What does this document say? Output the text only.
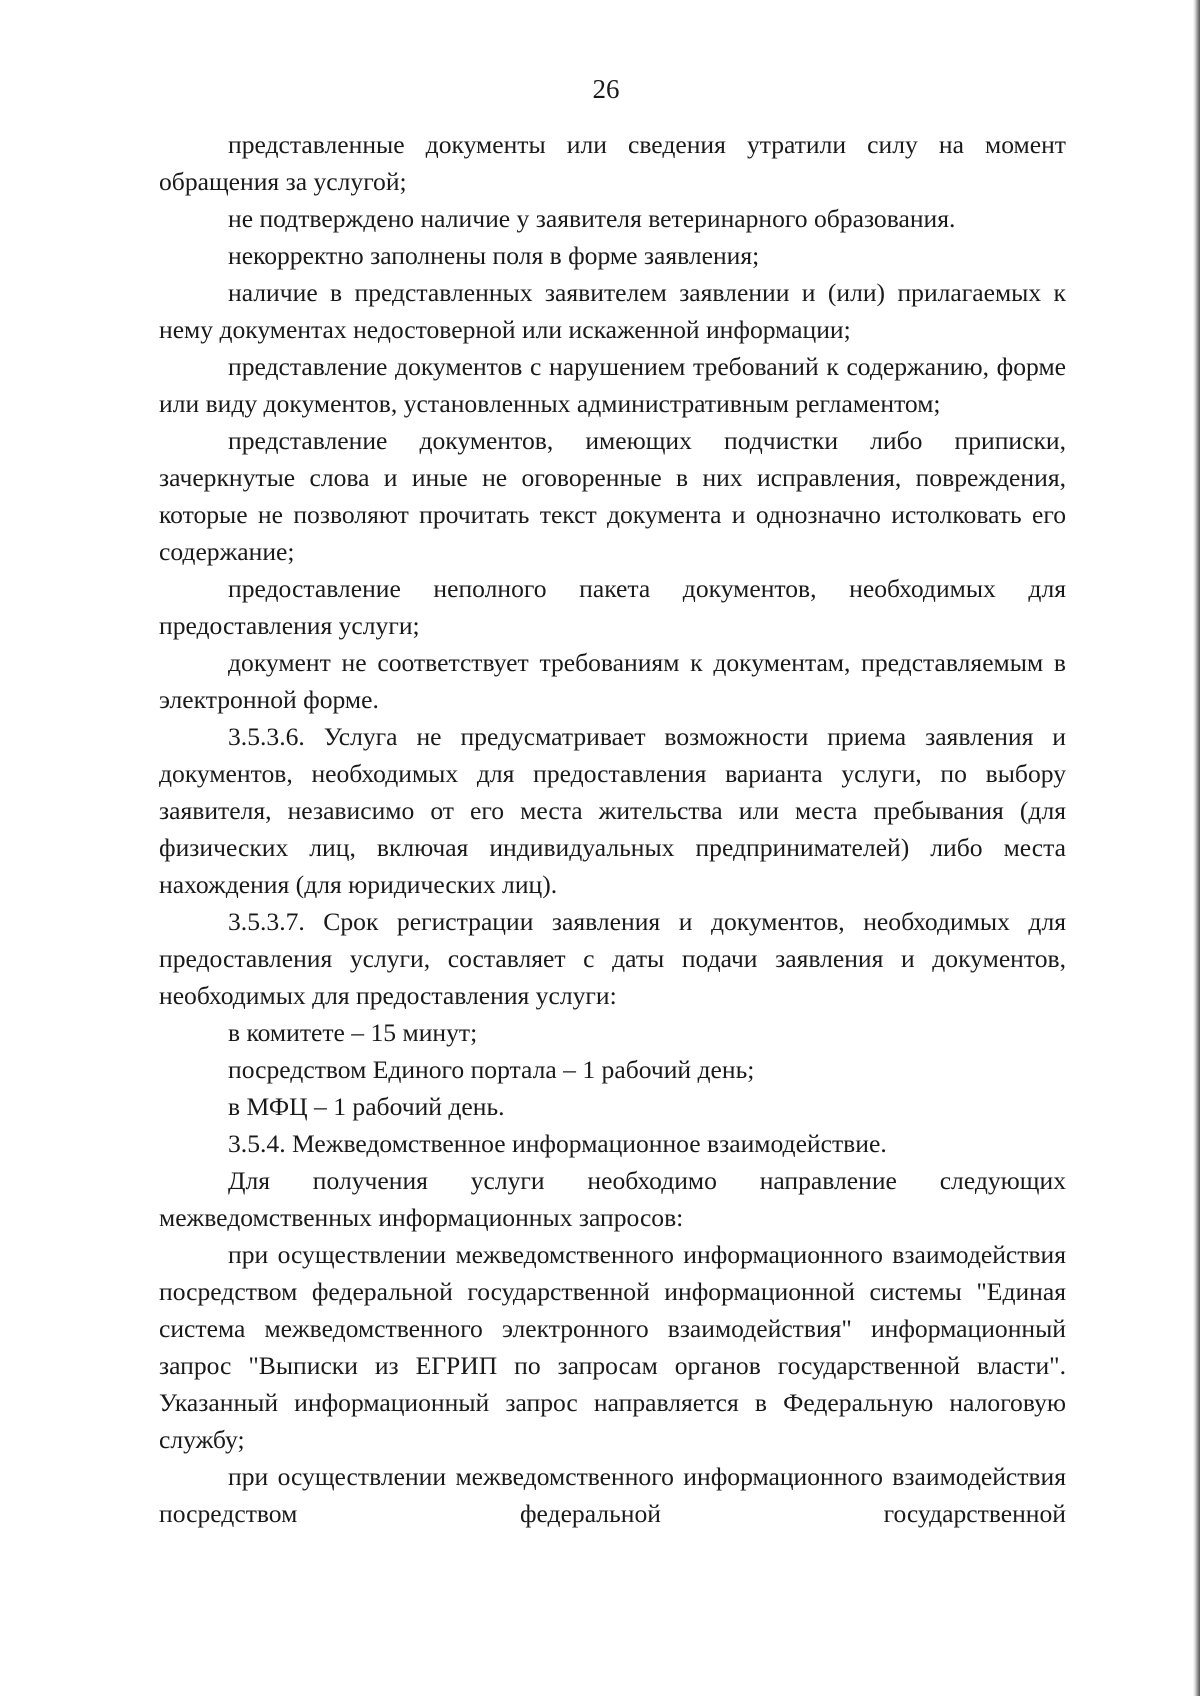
26

представленные документы или сведения утратили силу на момент обращения за услугой;

не подтверждено наличие у заявителя ветеринарного образования.

некорректно заполнены поля в форме заявления;

наличие в представленных заявителем заявлении и (или) прилагаемых к нему документах недостоверной или искаженной информации;

представление документов с нарушением требований к содержанию, форме или виду документов, установленных административным регламентом;

представление документов, имеющих подчистки либо приписки, зачеркнутые слова и иные не оговоренные в них исправления, повреждения, которые не позволяют прочитать текст документа и однозначно истолковать его содержание;

предоставление неполного пакета документов, необходимых для предоставления услуги;

документ не соответствует требованиям к документам, представляемым в электронной форме.

3.5.3.6. Услуга не предусматривает возможности приема заявления и документов, необходимых для предоставления варианта услуги, по выбору заявителя, независимо от его места жительства или места пребывания (для физических лиц, включая индивидуальных предпринимателей) либо места нахождения (для юридических лиц).

3.5.3.7. Срок регистрации заявления и документов, необходимых для предоставления услуги, составляет с даты подачи заявления и документов, необходимых для предоставления услуги:

в комитете – 15 минут;

посредством Единого портала – 1 рабочий день;

в МФЦ – 1 рабочий день.

3.5.4. Межведомственное информационное взаимодействие.

Для получения услуги необходимо направление следующих межведомственных информационных запросов:

при осуществлении межведомственного информационного взаимодействия посредством федеральной государственной информационной системы "Единая система межведомственного электронного взаимодействия" информационный запрос "Выписки из ЕГРИП по запросам органов государственной власти". Указанный информационный запрос направляется в Федеральную налоговую службу;

при осуществлении межведомственного информационного взаимодействия посредством федеральной государственной
